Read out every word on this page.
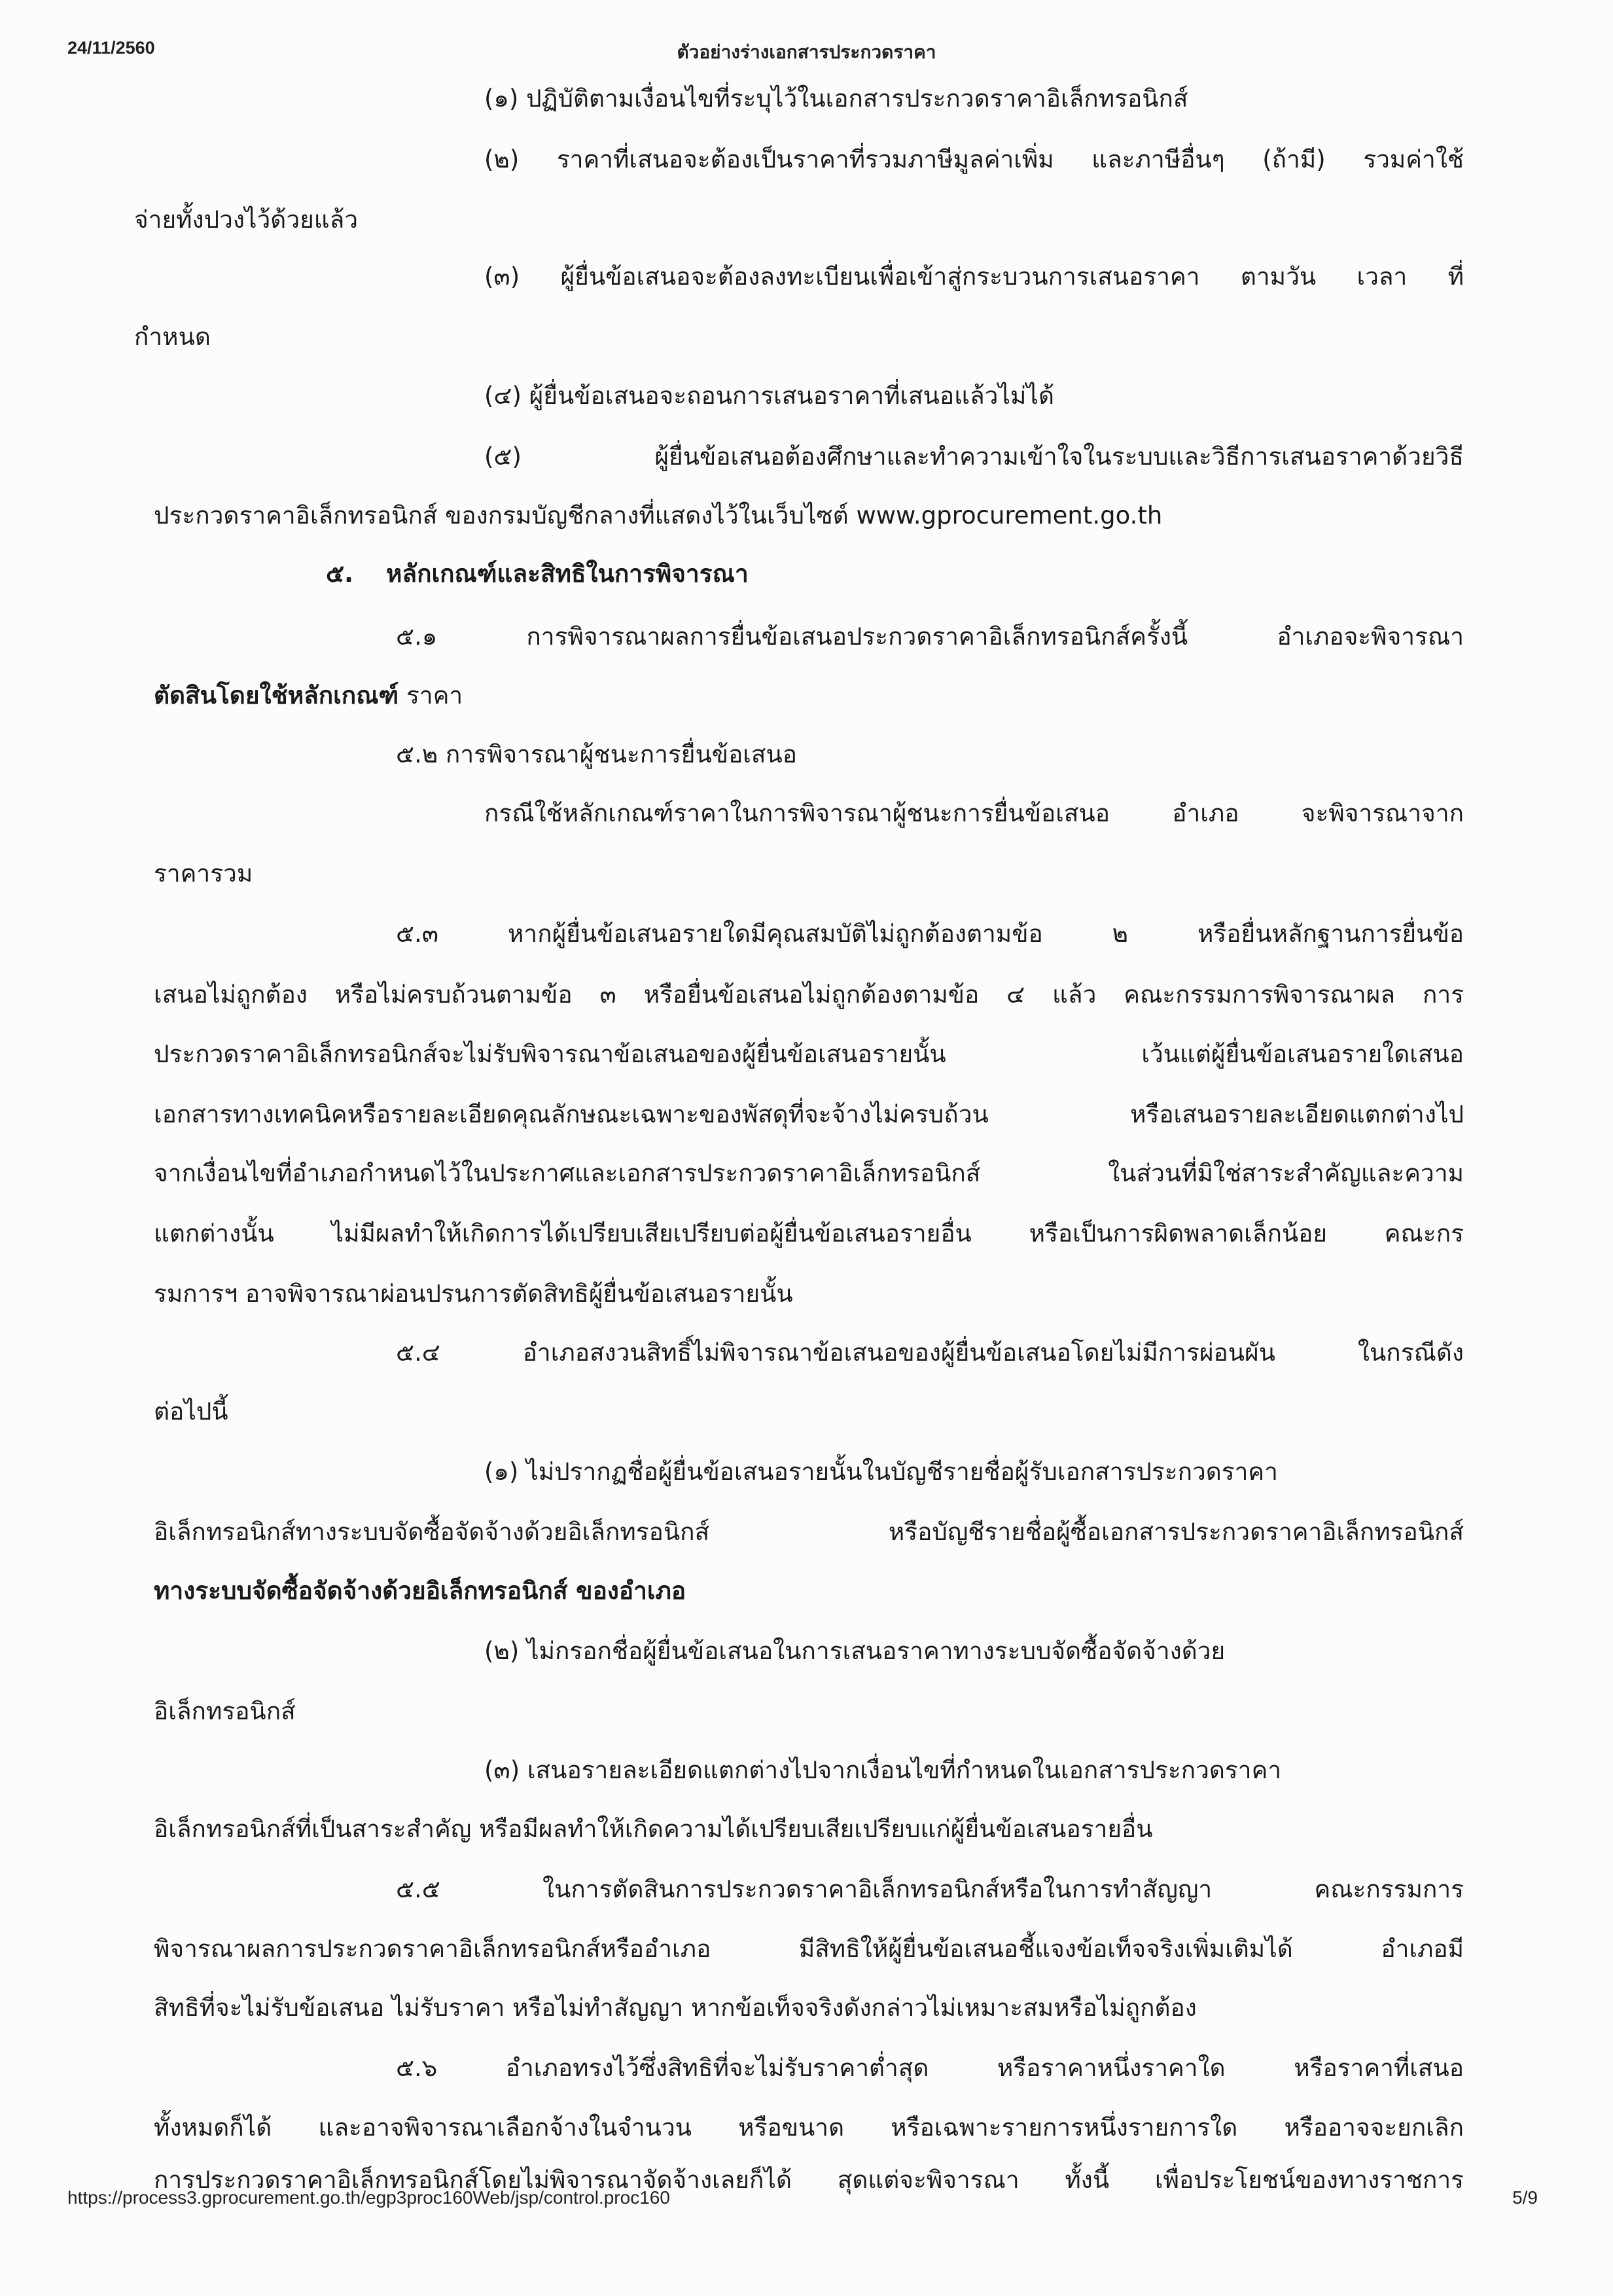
24/11/2560	ตัวอย่างร่างเอกสารประกวดราคา
(๑) ปฏิบัติตามเงื่อนไขที่ระบุไว้ในเอกสารประกวดราคาอิเล็กทรอนิกส์
(๒) ราคาที่เสนอจะต้องเป็นราคาที่รวมภาษีมูลค่าเพิ่ม และภาษีอื่นๆ (ถ้ามี) รวมค่าใช้
จ่ายทั้งปวงไว้ด้วยแล้ว
(๓) ผู้ยื่นข้อเสนอจะต้องลงทะเบียนเพื่อเข้าสู่กระบวนการเสนอราคา ตามวัน เวลา ที่
กำหนด
(๔) ผู้ยื่นข้อเสนอจะถอนการเสนอราคาที่เสนอแล้วไม่ได้
(๕) ผู้ยื่นข้อเสนอต้องศึกษาและทำความเข้าใจในระบบและวิธีการเสนอราคาด้วยวิธี
ประกวดราคาอิเล็กทรอนิกส์ ของกรมบัญชีกลางที่แสดงไว้ในเว็บไซต์ www.gprocurement.go.th
๕. หลักเกณฑ์และสิทธิในการพิจารณา
๕.๑ การพิจารณาผลการยื่นข้อเสนอประกวดราคาอิเล็กทรอนิกส์ครั้งนี้ อำเภอจะพิจารณา
ตัดสินโดยใช้หลักเกณฑ์ ราคา
๕.๒ การพิจารณาผู้ชนะการยื่นข้อเสนอ
กรณีใช้หลักเกณฑ์ราคาในการพิจารณาผู้ชนะการยื่นข้อเสนอ อำเภอ จะพิจารณาจาก
ราคารวม
๕.๓ หากผู้ยื่นข้อเสนอรายใดมีคุณสมบัติไม่ถูกต้องตามข้อ ๒ หรือยื่นหลักฐานการยื่นข้อ
เสนอไม่ถูกต้อง หรือไม่ครบถ้วนตามข้อ ๓ หรือยื่นข้อเสนอไม่ถูกต้องตามข้อ ๔ แล้ว คณะกรรมการพิจารณาผล การ
ประกวดราคาอิเล็กทรอนิกส์จะไม่รับพิจารณาข้อเสนอของผู้ยื่นข้อเสนอรายนั้น เว้นแต่ผู้ยื่นข้อเสนอรายใดเสนอ
เอกสารทางเทคนิคหรือรายละเอียดคุณลักษณะเฉพาะของพัสดุที่จะจ้างไม่ครบถ้วน หรือเสนอรายละเอียดแตกต่างไป
จากเงื่อนไขที่อำเภอกำหนดไว้ในประกาศและเอกสารประกวดราคาอิเล็กทรอนิกส์ ในส่วนที่มิใช่สาระสำคัญและความ
แตกต่างนั้น ไม่มีผลทำให้เกิดการได้เปรียบเสียเปรียบต่อผู้ยื่นข้อเสนอรายอื่น หรือเป็นการผิดพลาดเล็กน้อย คณะกร
รมการฯ อาจพิจารณาผ่อนปรนการตัดสิทธิผู้ยื่นข้อเสนอรายนั้น
๕.๔ อำเภอสงวนสิทธิ์ไม่พิจารณาข้อเสนอของผู้ยื่นข้อเสนอโดยไม่มีการผ่อนผัน ในกรณีดัง
ต่อไปนี้
(๑) ไม่ปรากฏชื่อผู้ยื่นข้อเสนอรายนั้นในบัญชีรายชื่อผู้รับเอกสารประกวดราคา
อิเล็กทรอนิกส์ทางระบบจัดซื้อจัดจ้างด้วยอิเล็กทรอนิกส์ หรือบัญชีรายชื่อผู้ซื้อเอกสารประกวดราคาอิเล็กทรอนิกส์
ทางระบบจัดซื้อจัดจ้างด้วยอิเล็กทรอนิกส์ ของอำเภอ
(๒) ไม่กรอกชื่อผู้ยื่นข้อเสนอในการเสนอราคาทางระบบจัดซื้อจัดจ้างด้วย
อิเล็กทรอนิกส์
(๓) เสนอรายละเอียดแตกต่างไปจากเงื่อนไขที่กำหนดในเอกสารประกวดราคา
อิเล็กทรอนิกส์ที่เป็นสาระสำคัญ หรือมีผลทำให้เกิดความได้เปรียบเสียเปรียบแก่ผู้ยื่นข้อเสนอรายอื่น
๕.๕ ในการตัดสินการประกวดราคาอิเล็กทรอนิกส์หรือในการทำสัญญา คณะกรรมการ
พิจารณาผลการประกวดราคาอิเล็กทรอนิกส์หรืออำเภอ มีสิทธิให้ผู้ยื่นข้อเสนอชี้แจงข้อเท็จจริงเพิ่มเติมได้ อำเภอมี
สิทธิที่จะไม่รับข้อเสนอ ไม่รับราคา หรือไม่ทำสัญญา หากข้อเท็จจริงดังกล่าวไม่เหมาะสมหรือไม่ถูกต้อง
๕.๖ อำเภอทรงไว้ซึ่งสิทธิที่จะไม่รับราคาต่ำสุด หรือราคาหนึ่งราคาใด หรือราคาที่เสนอ
ทั้งหมดก็ได้ และอาจพิจารณาเลือกจ้างในจำนวน หรือขนาด หรือเฉพาะรายการหนึ่งรายการใด หรืออาจจะยกเลิก
การประกวดราคาอิเล็กทรอนิกส์โดยไม่พิจารณาจัดจ้างเลยก็ได้ สุดแต่จะพิจารณา ทั้งนี้ เพื่อประโยชน์ของทางราชการ
https://process3.gprocurement.go.th/egp3proc160Web/jsp/control.proc160	5/9
